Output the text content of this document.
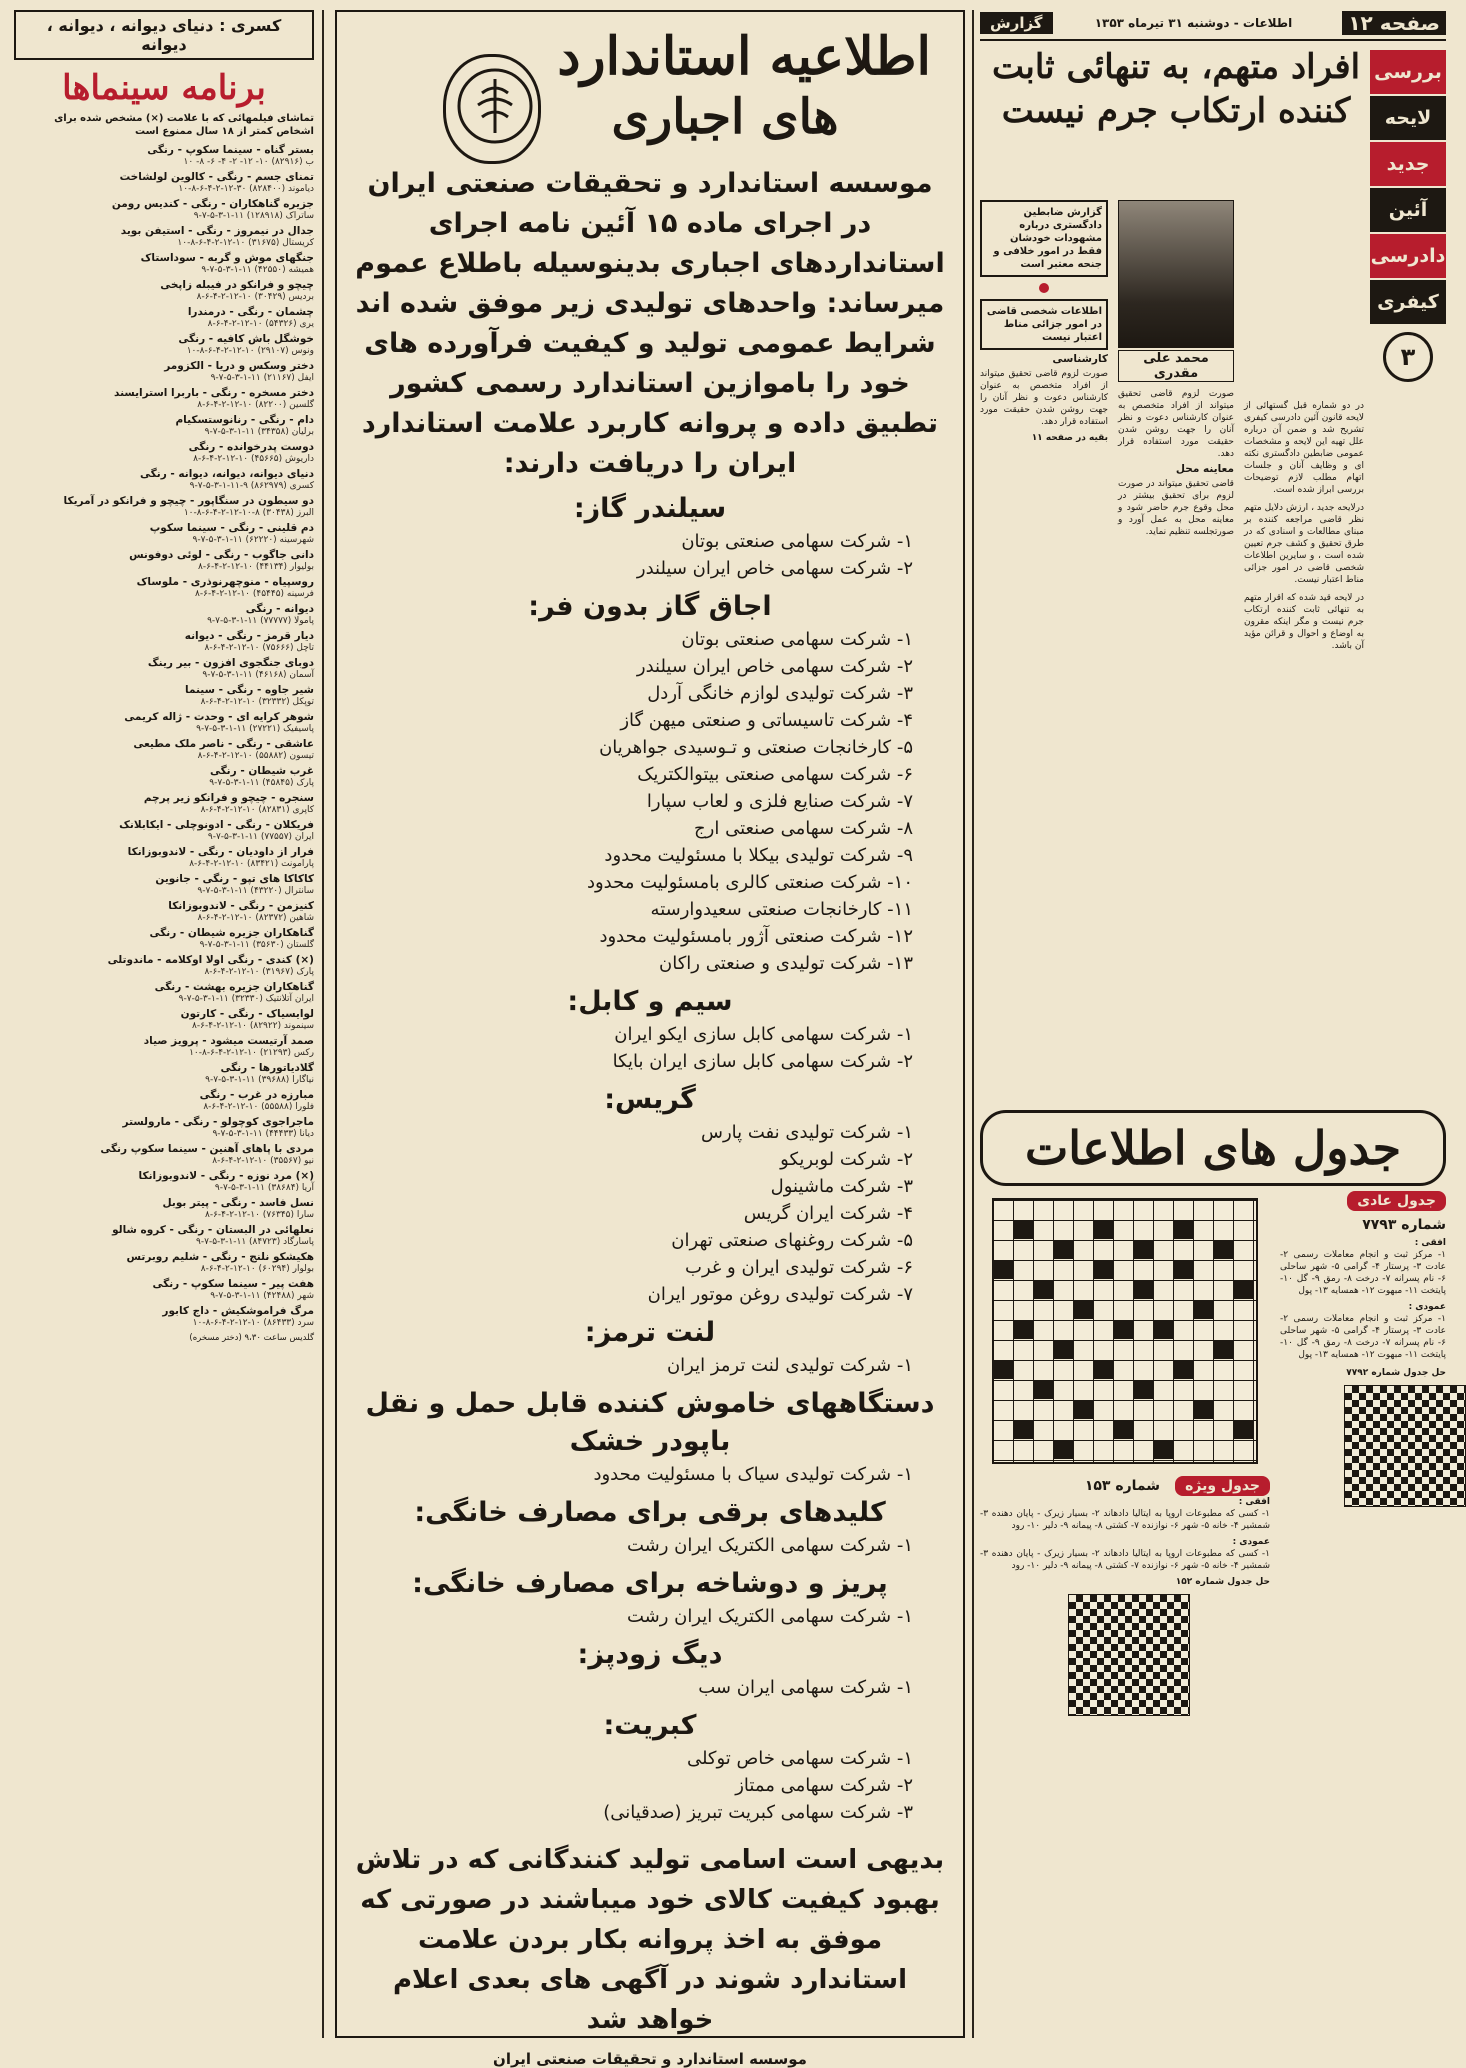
کسری : دنیای دیوانه ، دیوانه ، دیوانه
برنامه سینماها
تماشای فیلمهائی که با علامت (×) مشخص شده برای اشخاص کمتر از ۱۸ سال ممنوع است
بستر گناه - سینما سکوپ - رنگی
ب (۸۲۹۱۶) ۱۰- ۱۲- ۲- ۴- ۶- ۸- ۱۰
تمنای جسم - رنگی - کالوین لولشاخت
دیاموند (۸۲۸۴۰۰) ۳۰-۱۲-۲-۴-۶-۸-۱۰
جزیره گناهکاران - رنگی - کندیس رومن
ساتراک (۱۲۸۹۱۸) ۱۱-۱-۳-۵-۷-۹
جدال در نیمروز - رنگی - استیفن بوید
کریستال (۳۱۶۷۵) ۱۰-۱۲-۲-۴-۶-۸-۱۰
جنگهای موش و گربه - سوداستاک
همیشه (۴۲۵۵۰) ۱۱-۱-۳-۵-۷-۹
چیچو و فرانکو در فیبله زاپخی
بردیس (۳۰۴۲۹) ۱۰-۱۲-۲-۴-۶-۸
چشمان - رنگی - درمندرا
یری (۵۴۳۲۶) ۱۰-۱۲-۲-۴-۶-۸
خوشگل باش کافیه - رنگی
ونوس (۲۹۱۰۷) ۱۰-۱۲-۲-۴-۶-۸-۱۰
دختر وسکس و دریا - الکزومر
ایفل (۲۱۱۶۷) ۱۱-۱-۳-۵-۷-۹
دختر مسخره - رنگی - باربرا استرایسند
گلسین (۸۲۲۰۰) ۱۰-۱۲-۲-۴-۶-۸
دام - رنگی - رنانوستسکیام
برلیان (۳۴۳۵۸) ۱۱-۱-۳-۵-۷-۹
دوست پدرخوانده - رنگی
داریوش (۴۵۶۶۵) ۱۰-۱۲-۲-۴-۶-۸
دنیای دیوانه، دیوانه، دیوانه - رنگی
کسری (۸۶۲۹۷۹) ۹-۱۱-۱-۳-۵-۷-۹
دو سیطون در سنگاپور - چیچو و فرانکو در آمریکا
البرز (۳۰۴۳۸) ۸-۱۰-۱۲-۲-۴-۶-۸-۱۰
دم قلینی - رنگی - سینما سکوپ
شهرسینه (۶۲۲۲۰) ۱۱-۱-۳-۵-۷-۹
دانی جاگوب - رنگی - لوئی دوفونس
بولیوار (۴۴۱۳۴) ۱۰-۱۲-۲-۴-۶-۸
روسپیاه - منوچهرنوذری - ملوساک
فرسینه (۴۵۴۴۵) ۱۰-۱۲-۲-۴-۶-۸
دیوانه - رنگی
پامولا (۷۷۷۷۷) ۱۱-۱-۳-۵-۷-۹
دیار قرمز - رنگی - دیوانه
تاچل (۷۵۶۶۶) ۱۰-۱۲-۲-۴-۶-۸
دوبای جنگجوی افزون - بیر رینگ
آسمان (۴۶۱۶۸) ۱۱-۱-۳-۵-۷-۹
شیر جاوه - رنگی - سینما
توپکل (۳۲۳۳۲) ۱۰-۱۲-۲-۴-۶-۸
شوهر کرایه ای - وحدت - ژاله کریمی
پاسیفیک (۲۷۲۲۱) ۱۱-۱-۳-۵-۷-۹
عاشقی - رنگی - ناصر ملک مطیعی
تیسون (۵۵۸۸۲) ۱۰-۱۲-۲-۴-۶-۸
غرب شیطان - رنگی
پارک (۴۵۸۴۵) ۱۱-۱-۳-۵-۷-۹
سنجره - چیچو و فرانکو زیر پرچم
کاپری (۸۲۸۳۱) ۱۰-۱۲-۲-۴-۶-۸
فریکلان - رنگی - ادونوچلی - ایکابلانک
ایران (۷۷۵۵۷) ۱۱-۱-۳-۵-۷-۹
فرار از داودیان - رنگی - لاندوبوزانکا
پارامونت (۸۳۴۲۱) ۱۰-۱۲-۲-۴-۶-۸
کاکاکا های تپو - رنگی - جانوین
سانترال (۴۳۲۲۰) ۱۱-۱-۳-۵-۷-۹
کنیزمن - رنگی - لاندوبوزانکا
شاهین (۸۲۳۷۲) ۱۰-۱۲-۲-۴-۶-۸
گناهکاران جزیره شیطان - رنگی
گلستان (۳۵۶۳۰) ۱۱-۱-۳-۵-۷-۹
(×) کندی - رنگی اولا اوکلامه - ماندوتلی
پارک (۳۱۹۶۷) ۱۰-۱۲-۲-۴-۶-۸
گناهکاران جزیره بهشت - رنگی
ایران آتلانتیک (۳۲۳۳۰) ۱۱-۱-۳-۵-۷-۹
لوایسیاک - رنگی - کارتون
سینموند (۸۲۹۲۲) ۱۰-۱۲-۲-۴-۶-۸
صمد آرتیست میشود - پرویز صیاد
رکس (۲۱۲۹۳) ۱۰-۱۲-۲-۴-۶-۸-۱۰
گلادیاتورها - رنگی
نیاگارا (۳۹۶۸۸) ۱۱-۱-۳-۵-۷-۹
مبارزه در غرب - رنگی
فلورا (۵۵۵۸۸) ۱۰-۱۲-۲-۴-۶-۸
ماجراجوی کوچولو - رنگی - مارولستر
دیانا (۴۴۴۳۳) ۱۱-۱-۳-۵-۷-۹
مردی با پاهای آهنین - سینما سکوپ رنگی
نیو (۳۵۵۶۷) ۱۰-۱۲-۲-۴-۶-۸
(×) مرد نوزه - رنگی - لاندوبوزانکا
آریا (۳۸۶۸۴) ۱۱-۱-۳-۵-۷-۹
نسل فاسد - رنگی - پیتر بوبل
سارا (۷۶۳۴۵) ۱۰-۱۲-۲-۴-۶-۸
نعلهائی در البستان - رنگی - کروه شالو
پاسارگاد (۸۴۷۲۳) ۱۱-۱-۳-۵-۷-۹
هکیشکو نلنج - رنگی - شلیم روبرتس
بولوار (۶۰۲۹۴) ۱۰-۱۲-۲-۴-۶-۸
هفت پیر - سینما سکوپ - رنگی
شهر (۴۲۴۸۸) ۱۱-۱-۳-۵-۷-۹
مرگ فراموشکیش - داج کابور
سرد (۸۶۴۳۳) ۱۰-۱۲-۲-۴-۶-۸-۱۰
گلدیس ساعت ۹،۳۰ (دختر مسخره)
اطلاعیه استاندارد
های اجباری
موسسه استاندارد و تحقیقات صنعتی ایران در اجرای ماده ۱۵ آئین نامه اجرای استانداردهای اجباری بدینوسیله باطلاع عموم میرساند: واحدهای تولیدی زیر موفق شده اند شرایط عمومی تولید و کیفیت فرآورده های خود را باموازین استاندارد رسمی کشور تطبیق داده و پروانه کاربرد علامت استاندارد ایران را دریافت دارند:
سیلندر گاز:
۱- شرکت سهامی صنعتی بوتان
۲- شرکت سهامی خاص ایران سیلندر
اجاق گاز بدون فر:
۱- شرکت سهامی صنعتی بوتان
۲- شرکت سهامی خاص ایران سیلندر
۳- شرکت تولیدی لوازم خانگی آردل
۴- شرکت تاسیساتی و صنعتی میهن گاز
۵- کارخانجات صنعتی و تـوسیدی جواهریان
۶- شرکت سهامی صنعتی بیتوالکتریک
۷- شرکت صنایع فلزی و لعاب سپارا
۸- شرکت سهامی صنعتی ارج
۹- شرکت تولیدی بیکلا با مسئولیت محدود
۱۰- شرکت صنعتی کالری بامسئولیت محدود
۱۱- کارخانجات صنعتی سعیدوارسته
۱۲- شرکت صنعتی آژور بامسئولیت محدود
۱۳- شرکت تولیدی و صنعتی راکان
سیم و کابل:
۱- شرکت سهامی کابل سازی ایکو ایران
۲- شرکت سهامی کابل سازی ایران بایکا
گریس:
۱- شرکت تولیدی نفت پارس
۲- شرکت لوبریکو
۳- شرکت ماشینول
۴- شرکت ایران گریس
۵- شرکت روغنهای صنعتی تهران
۶- شرکت تولیدی ایران و غرب
۷- شرکت تولیدی روغن موتور ایران
لنت ترمز:
۱- شرکت تولیدی لنت ترمز ایران
دستگاههای خاموش کننده قابل حمل و نقل باپودر خشک
۱- شرکت تولیدی سیاک با مسئولیت محدود
کلیدهای برقی برای مصارف خانگی:
۱- شرکت سهامی الکتریک ایران رشت
پریز و دوشاخه برای مصارف خانگی:
۱- شرکت سهامی الکتریک ایران رشت
دیگ زودپز:
۱- شرکت سهامی ایران سب
کبریت:
۱- شرکت سهامی خاص توکلی
۲- شرکت سهامی ممتاز
۳- شرکت سهامی کبریت تبریز (صدقیانی)
بدیهی است اسامی تولید کنندگانی که در تلاش بهبود کیفیت کالای خود میباشند در صورتی که موفق به اخذ پروانه بکار بردن علامت استاندارد شوند در آگهی های بعدی اعلام خواهد شد
موسسه استاندارد و تحقیقات صنعتی ایران
صفحه ۱۲
اطلاعات - دوشنبه ۳۱ تیرماه ۱۳۵۳
گزارش
افراد متهم، به تنهائی ثابت کننده ارتکاب جرم نیست
بررسی
لایحه
جدید
آئین
دادرسی
کیفری
۳

در دو شماره قبل گستهائی از لایحه قانون آئین دادرسی کیفری تشریح شد و ضمن آن درباره علل تهیه این لایحه و مشخصات عمومی ضابطین دادگستری نکته ای و وظایف آنان و جلسات اتهام مطلب لازم توضیحات بررسی ابراز شده است.

درلایحه جدید ، ارزش دلایل متهم نظر قاضی مراجعه کننده بر مبنای مطالعات و اسنادی که در طرق تحقیق و کشف جرم تعیین شده است ، و سایرین اطلاعات شخصی قاضی در امور جزائی مناط اعتبار نیست.

در لایحه قید شده که اقرار متهم به تنهائی ثابت کننده ارتکاب جرم نیست و مگر اینکه مقرون به اوضاع و احوال و قرائن مؤید آن باشد.

محمد علی مقدری
صورت لزوم قاضی تحقیق میتواند از افراد متخصص به عنوان کارشناس دعوت و نظر آنان را جهت روشن شدن حقیقت مورد استفاده قرار دهد.
معاینه محل
قاضی تحقیق میتواند در صورت لزوم برای تحقیق بیشتر در محل وقوع جرم حاضر شود و معاینه محل به عمل آورد و صورتجلسه تنظیم نماید.
گزارش ضابطین دادگستری درباره مشهودات خودشان فقط در امور خلافی و جنحه معتبر است
اطلاعات شخصی قاضی در امور جزائی مناط اعتبار نیست
کارشناسی
صورت لزوم قاضی تحقیق میتواند از افراد متخصص به عنوان کارشناس دعوت و نظر آنان را جهت روشن شدن حقیقت مورد استفاده قرار دهد.
بقیه در صفحه ۱۱
جدول های اطلاعات
جدول عادی
شماره ۷۷۹۳
افقی :
۱- مرکز ثبت و انجام معاملات رسمی ۲- عادت ۳- پرستار ۴- گرامی ۵- شهر ساحلی ۶- نام پسرانه ۷- درخت ۸- رمق ۹- گل ۱۰- پایتخت ۱۱- مبهوت ۱۲- همسایه ۱۳- پول
عمودی :
۱- مرکز ثبت و انجام معاملات رسمی ۲- عادت ۳- پرستار ۴- گرامی ۵- شهر ساحلی ۶- نام پسرانه ۷- درخت ۸- رمق ۹- گل ۱۰- پایتخت ۱۱- مبهوت ۱۲- همسایه ۱۳- پول
حل جدول شماره ۷۷۹۲
جدول ویژه شماره ۱۵۳
افقی :
۱- کسی که مطبوعات اروپا به ایتالیا دادهاند ۲- بسیار زیرک - پایان دهنده ۳- شمشیر ۴- خانه ۵- شهر ۶- نوازنده ۷- کشتی ۸- پیمانه ۹- دلیر ۱۰- رود
عمودی :
۱- کسی که مطبوعات اروپا به ایتالیا دادهاند ۲- بسیار زیرک - پایان دهنده ۳- شمشیر ۴- خانه ۵- شهر ۶- نوازنده ۷- کشتی ۸- پیمانه ۹- دلیر ۱۰- رود
حل جدول شماره ۱۵۲
